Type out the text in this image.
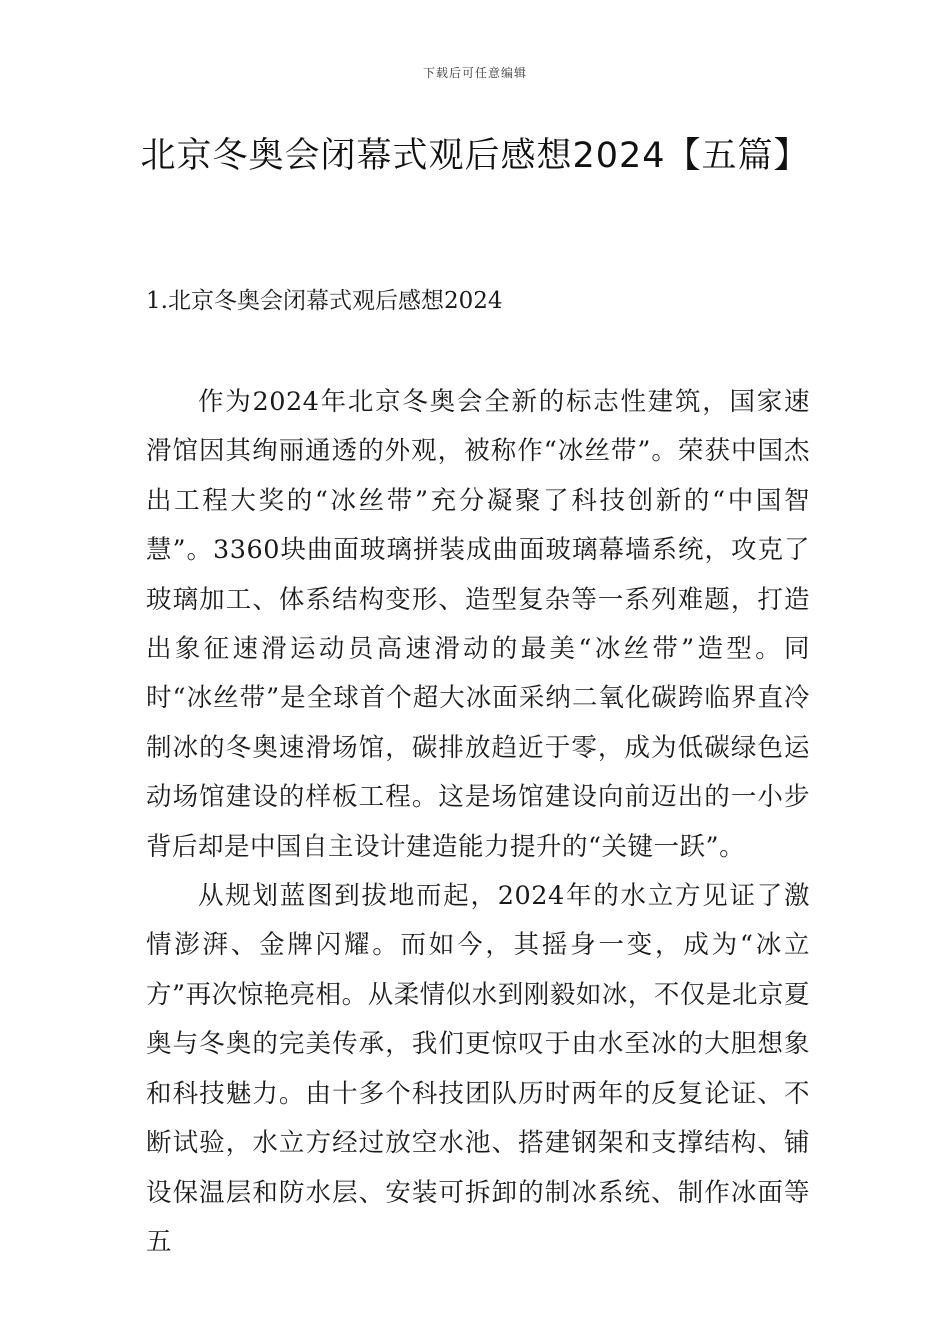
下载后可任意编辑
北京冬奥会闭幕式观后感想2024【五篇】
1.北京冬奥会闭幕式观后感想2024

作为2024年北京冬奥会全新的标志性建筑，国家速滑馆因其绚丽通透的外观，被称作“冰丝带”。荣获中国杰出工程大奖的“冰丝带”充分凝聚了科技创新的“中国智慧”。3360块曲面玻璃拼装成曲面玻璃幕墙系统，攻克了玻璃加工、体系结构变形、造型复杂等一系列难题，打造出象征速滑运动员高速滑动的最美“冰丝带”造型。同时“冰丝带”是全球首个超大冰面采纳二氧化碳跨临界直冷制冰的冬奥速滑场馆，碳排放趋近于零，成为低碳绿色运动场馆建设的样板工程。这是场馆建设向前迈出的一小步背后却是中国自主设计建造能力提升的“关键一跃”。

从规划蓝图到拔地而起，2024年的水立方见证了激情澎湃、金牌闪耀。而如今，其摇身一变，成为“冰立方”再次惊艳亮相。从柔情似水到刚毅如冰，不仅是北京夏奥与冬奥的完美传承，我们更惊叹于由水至冰的大胆想象和科技魅力。由十多个科技团队历时两年的反复论证、不断试验，水立方经过放空水池、搭建钢架和支撑结构、铺设保温层和防水层、安装可拆卸的制冰系统、制作冰面等五
